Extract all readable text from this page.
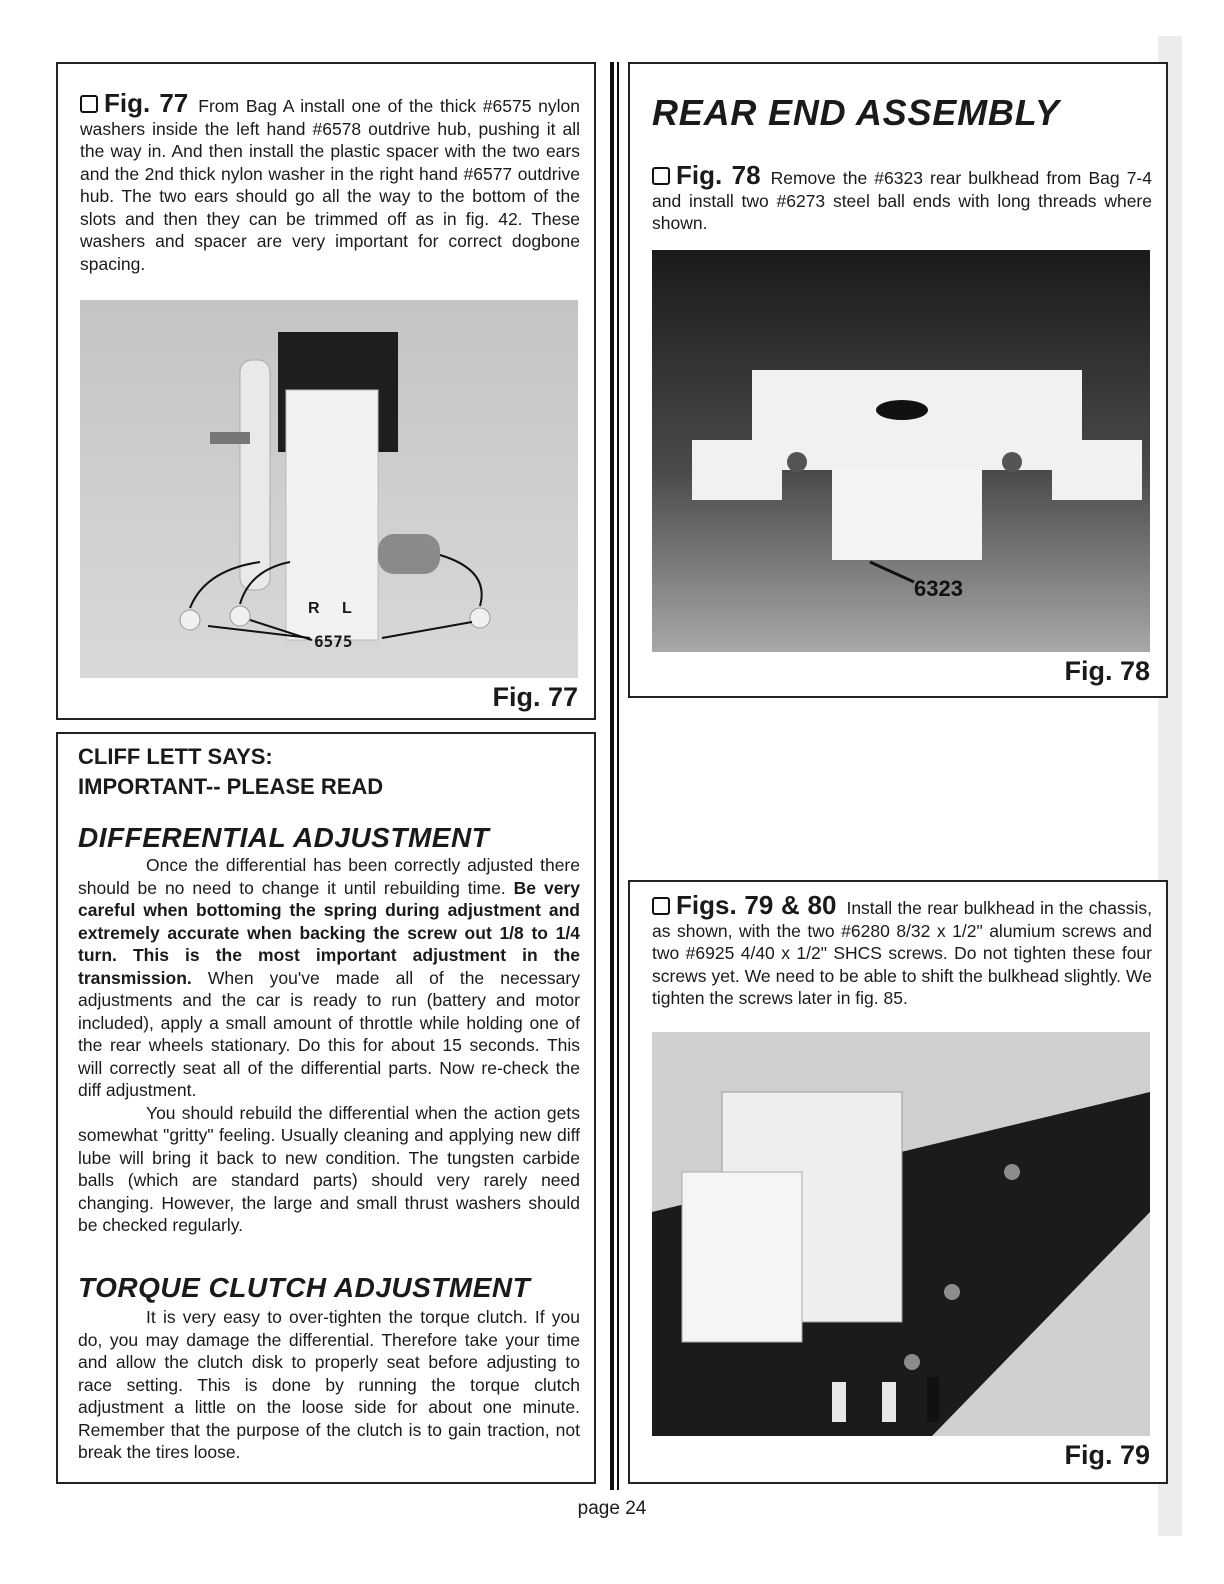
Fig. 77 From Bag A install one of the thick #6575 nylon washers inside the left hand #6578 outdrive hub, pushing it all the way in. And then install the plastic spacer with the two ears and the 2nd thick nylon washer in the right hand #6577 outdrive hub. The two ears should go all the way to the bottom of the slots and then they can be trimmed off as in fig. 42. These washers and spacer are very important for correct dogbone spacing.
R L
6575
Fig. 77
CLIFF LETT SAYS:
IMPORTANT-- PLEASE READ
DIFFERENTIAL ADJUSTMENT
Once the differential has been correctly adjusted there should be no need to change it until rebuilding time. Be very careful when bottoming the spring during adjustment and extremely accurate when backing the screw out 1/8 to 1/4 turn. This is the most important adjustment in the transmission. When you've made all of the necessary adjustments and the car is ready to run (battery and motor included), apply a small amount of throttle while holding one of the rear wheels stationary. Do this for about 15 seconds. This will correctly seat all of the differential parts. Now re-check the diff adjustment.
You should rebuild the differential when the action gets somewhat "gritty" feeling. Usually cleaning and applying new diff lube will bring it back to new condition. The tungsten carbide balls (which are standard parts) should very rarely need changing. However, the large and small thrust washers should be checked regularly.
TORQUE CLUTCH ADJUSTMENT
It is very easy to over-tighten the torque clutch. If you do, you may damage the differential. Therefore take your time and allow the clutch disk to properly seat before adjusting to race setting. This is done by running the torque clutch adjustment a little on the loose side for about one minute. Remember that the purpose of the clutch is to gain traction, not break the tires loose.
REAR END ASSEMBLY
Fig. 78 Remove the #6323 rear bulkhead from Bag 7-4 and install two #6273 steel ball ends with long threads where shown.
6323
Fig. 78
Figs. 79 & 80 Install the rear bulkhead in the chassis, as shown, with the two #6280 8/32 x 1/2" alumium screws and two #6925 4/40 x 1/2" SHCS screws. Do not tighten these four screws yet. We need to be able to shift the bulkhead slightly. We tighten the screws later in fig. 85.
Fig. 79
page 24
